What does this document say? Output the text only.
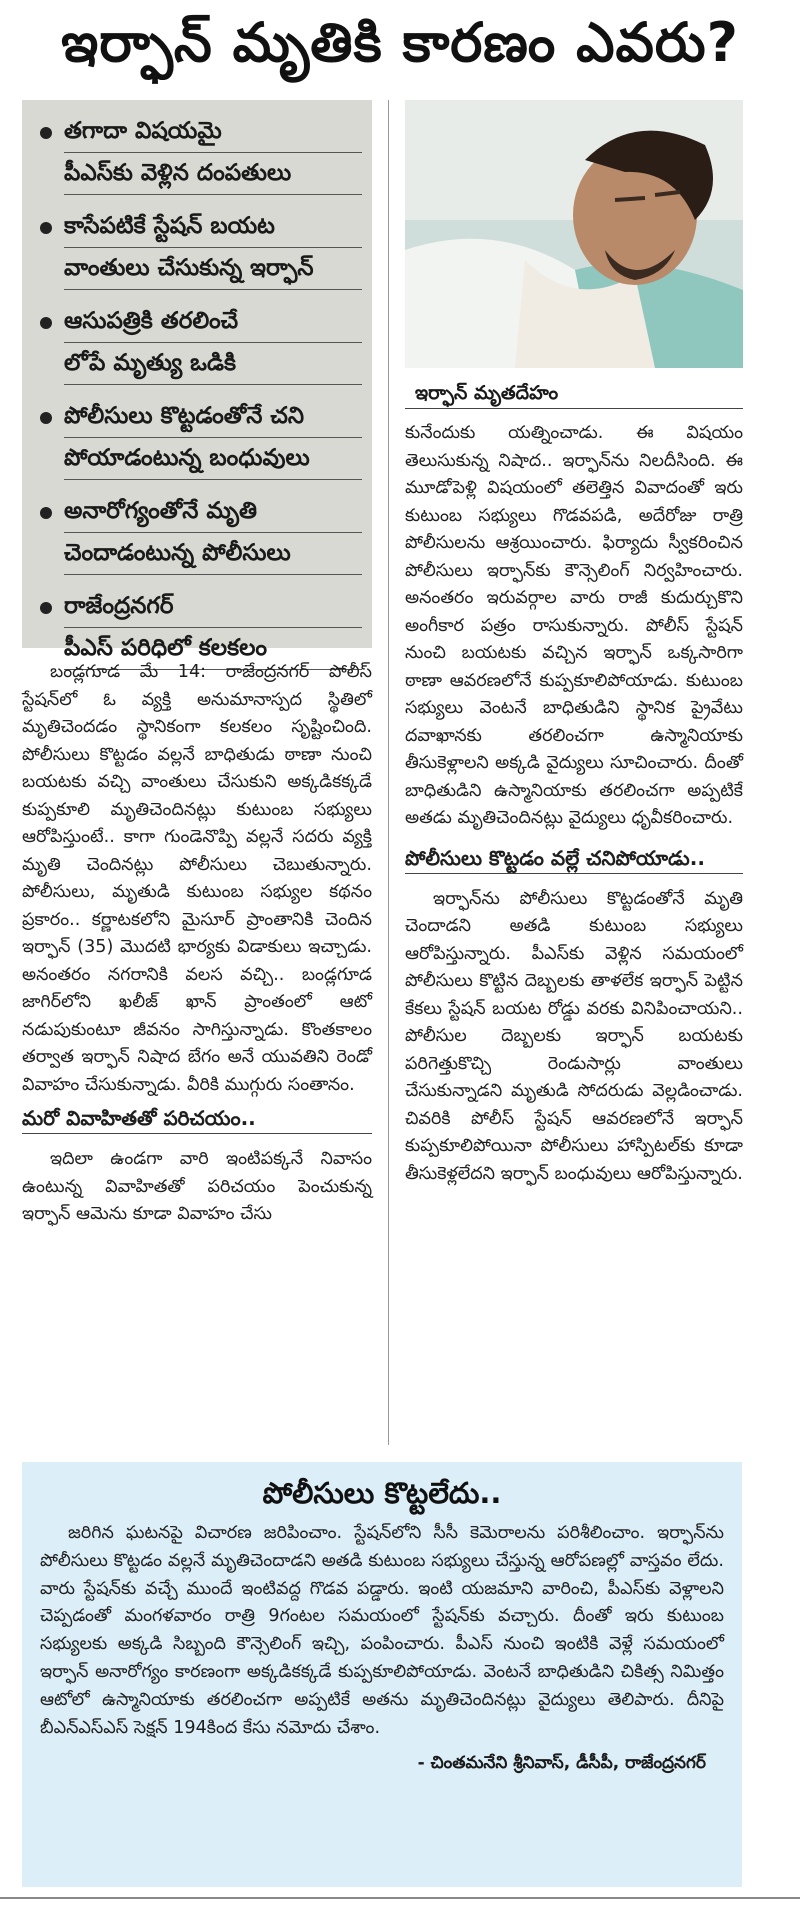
ఇర్ఫాన్ మృతికి కారణం ఎవరు?
తగాదా విషయమై
పీఎస్‌కు వెళ్లిన దంపతులు
కాసేపటికే స్టేషన్ బయట
వాంతులు చేసుకున్న ఇర్ఫాన్
ఆసుపత్రికి తరలించే
లోపే మృత్యు ఒడికి
పోలీసులు కొట్టడంతోనే చని
పోయాడంటున్న బంధువులు
అనారోగ్యంతోనే మృతి
చెందాడంటున్న పోలీసులు
రాజేంద్రనగర్
పీఎస్ పరిధిలో కలకలం
ఇర్ఫాన్ మృతదేహం

బండ్లగూడ మే 14: రాజేంద్రనగర్ పోలీస్ స్టేషన్‌లో ఓ వ్యక్తి అనుమానాస్పద స్థితిలో మృతిచెందడం స్థానికంగా కలకలం సృష్టించింది. పోలీసులు కొట్టడం వల్లనే బాధితుడు ఠాణా నుంచి బయటకు వచ్చి వాంతులు చేసుకుని అక్కడికక్కడే కుప్పకూలి మృతిచెందినట్లు కుటుంబ సభ్యులు ఆరోపిస్తుంటే.. కాగా గుండెనొప్పి వల్లనే సదరు వ్యక్తి మృతి చెందినట్లు పోలీసులు చెబుతున్నారు. పోలీసులు, మృతుడి కుటుంబ సభ్యుల కథనం ప్రకారం.. కర్ణాటకలోని మైసూర్ ప్రాంతానికి చెందిన ఇర్ఫాన్ (35) మొదటి భార్యకు విడాకులు ఇచ్చాడు. అనంతరం నగరానికి వలస వచ్చి.. బండ్లగూడ జాగిర్‌లోని ఖలీజ్ ఖాన్ ప్రాంతంలో ఆటో నడుపుకుంటూ జీవనం సాగిస్తున్నాడు. కొంతకాలం తర్వాత ఇర్ఫాన్ నిషాద బేగం అనే యువతిని రెండో వివాహం చేసుకున్నాడు. వీరికి ముగ్గురు సంతానం.

మరో వివాహితతో పరిచయం..

ఇదిలా ఉండగా వారి ఇంటిపక్కనే నివాసం ఉంటున్న వివాహితతో పరిచయం పెంచుకున్న ఇర్ఫాన్ ఆమెను కూడా వివాహం చేసు

కునేందుకు యత్నించాడు. ఈ విషయం తెలుసుకున్న నిషాద.. ఇర్ఫాన్‌ను నిలదీసింది. ఈ మూడోపెళ్లి విషయంలో తలెత్తిన వివాదంతో ఇరు కుటుంబ సభ్యులు గొడవపడి, అదేరోజు రాత్రి పోలీసులను ఆశ్రయించారు. ఫిర్యాదు స్వీకరించిన పోలీసులు ఇర్ఫాన్‌కు కౌన్సెలింగ్ నిర్వహించారు. అనంతరం ఇరువర్గాల వారు రాజీ కుదుర్చుకొని అంగీకార పత్రం రాసుకున్నారు. పోలీస్ స్టేషన్ నుంచి బయటకు వచ్చిన ఇర్ఫాన్ ఒక్కసారిగా ఠాణా ఆవరణలోనే కుప్పకూలిపోయాడు. కుటుంబ సభ్యులు వెంటనే బాధితుడిని స్థానిక ప్రైవేటు దవాఖానకు తరలించగా ఉస్మానియాకు తీసుకెళ్లాలని అక్కడి వైద్యులు సూచించారు. దీంతో బాధితుడిని ఉస్మానియాకు తరలించగా అప్పటికే అతడు మృతిచెందినట్లు వైద్యులు ధృవీకరించారు.

పోలీసులు కొట్టడం వల్లే చనిపోయాడు..

ఇర్ఫాన్‌ను పోలీసులు కొట్టడంతోనే మృతి చెందాడని అతడి కుటుంబ సభ్యులు ఆరోపిస్తున్నారు. పీఎస్‌కు వెళ్లిన సమయంలో పోలీసులు కొట్టిన దెబ్బలకు తాళలేక ఇర్ఫాన్ పెట్టిన కేకలు స్టేషన్ బయట రోడ్డు వరకు వినిపించాయని.. పోలీసుల దెబ్బలకు ఇర్ఫాన్ బయటకు పరిగెత్తుకొచ్చి రెండుసార్లు వాంతులు చేసుకున్నాడని మృతుడి సోదరుడు వెల్లడించాడు. చివరికి పోలీస్ స్టేషన్ ఆవరణలోనే ఇర్ఫాన్ కుప్పకూలిపోయినా పోలీసులు హాస్పిటల్‌కు కూడా తీసుకెళ్లలేదని ఇర్ఫాన్ బంధువులు ఆరోపిస్తున్నారు.

పోలీసులు కొట్టలేదు..
జరిగిన ఘటనపై విచారణ జరిపించాం. స్టేషన్‌లోని సీసీ కెమెరాలను పరిశీలించాం. ఇర్ఫాన్‌ను పోలీసులు కొట్టడం వల్లనే మృతిచెందాడని అతడి కుటుంబ సభ్యులు చేస్తున్న ఆరోపణల్లో వాస్తవం లేదు. వారు స్టేషన్‌కు వచ్చే ముందే ఇంటివద్ద గొడవ పడ్డారు. ఇంటి యజమాని వారించి, పీఎస్‌కు వెళ్లాలని చెప్పడంతో మంగళవారం రాత్రి 9గంటల సమయంలో స్టేషన్‌కు వచ్చారు. దీంతో ఇరు కుటుంబ సభ్యులకు అక్కడి సిబ్బంది కౌన్సెలింగ్ ఇచ్చి, పంపించారు. పీఎస్ నుంచి ఇంటికి వెళ్లే సమయంలో ఇర్ఫాన్ అనారోగ్యం కారణంగా అక్కడికక్కడే కుప్పకూలిపోయాడు. వెంటనే బాధితుడిని చికిత్స నిమిత్తం ఆటోలో ఉస్మానియాకు తరలించగా అప్పటికే అతను మృతిచెందినట్లు వైద్యులు తెలిపారు. దీనిపై బీఎన్ఎస్ఎస్ సెక్షన్ 194కింద కేసు నమోదు చేశాం.
- చింతమనేని శ్రీనివాస్, డీసీపీ, రాజేంద్రనగర్
